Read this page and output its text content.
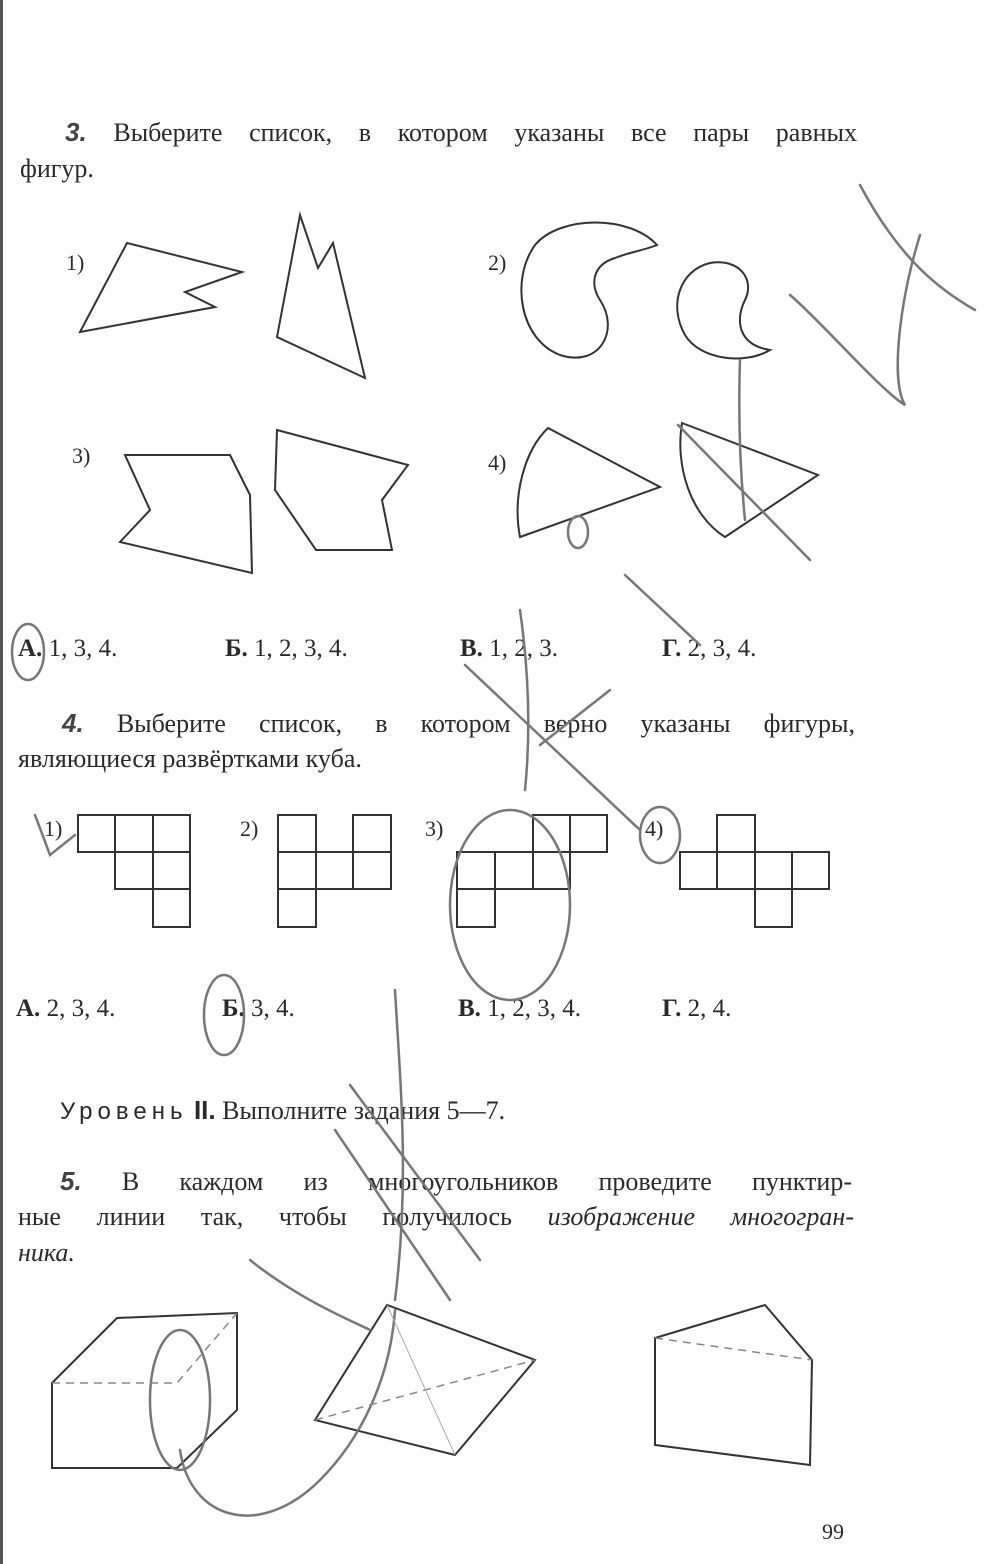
3. Выберите список, в котором указаны все пары равных
фигур.
1)	2)
3)	4)
А. 1, 3, 4.	Б. 1, 2, 3, 4.	В. 1, 2, 3.	Г. 2, 3, 4.
4. Выберите список, в котором верно указаны фигуры,
являющиеся развёртками куба.
1)	2)	3)	4)
А. 2, 3, 4.	Б. 3, 4.	В. 1, 2, 3, 4.	Г. 2, 4.
Уровень II. Выполните задания 5—7.
5. В каждом из многоугольников проведите пунктир-
ные линии так, чтобы получилось изображение многогран-
ника.
99
